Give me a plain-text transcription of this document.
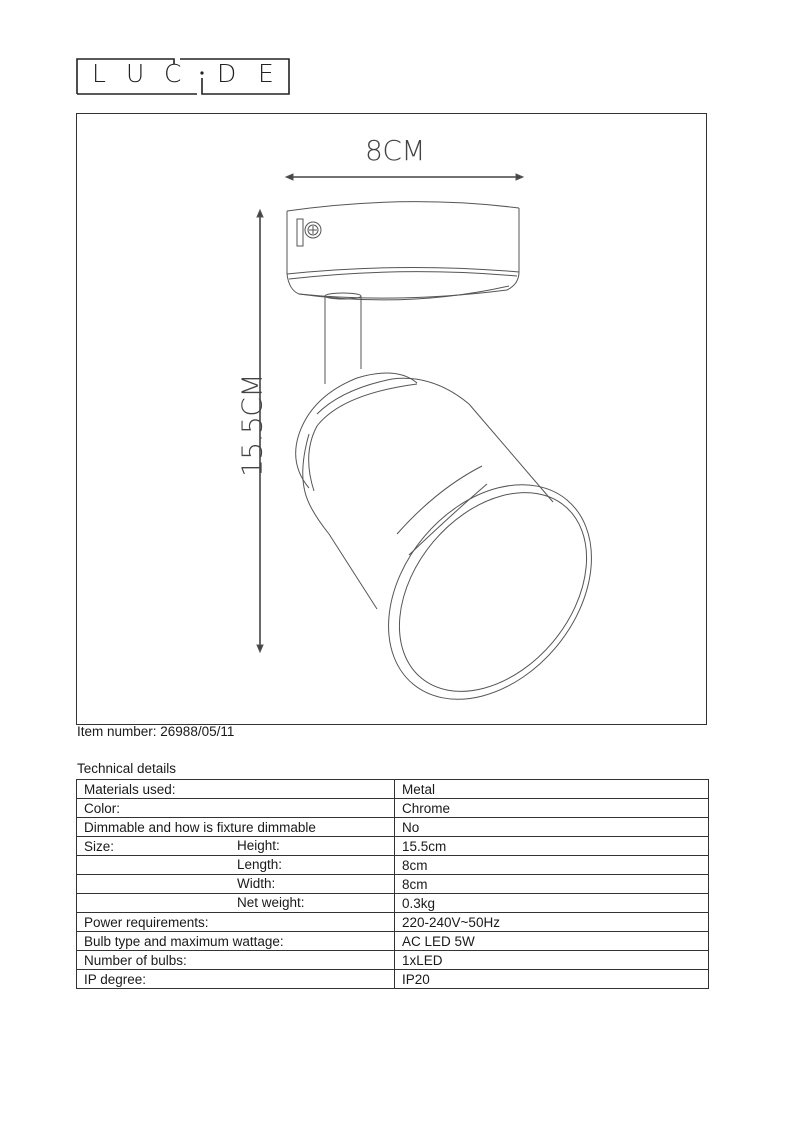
L U C D E
8CM
15.5CM
Item number: 26988/05/11
Technical details
Materials used:	Metal
Color:	Chrome
Dimmable and how is fixture dimmable	No
Size: Height:	15.5cm

Length:	8cm

Width:	8cm

Net weight:	0.3kg
Power requirements:	220-240V~50Hz
Bulb type and maximum wattage:	AC LED 5W
Number of bulbs:	1xLED
IP degree:	IP20
